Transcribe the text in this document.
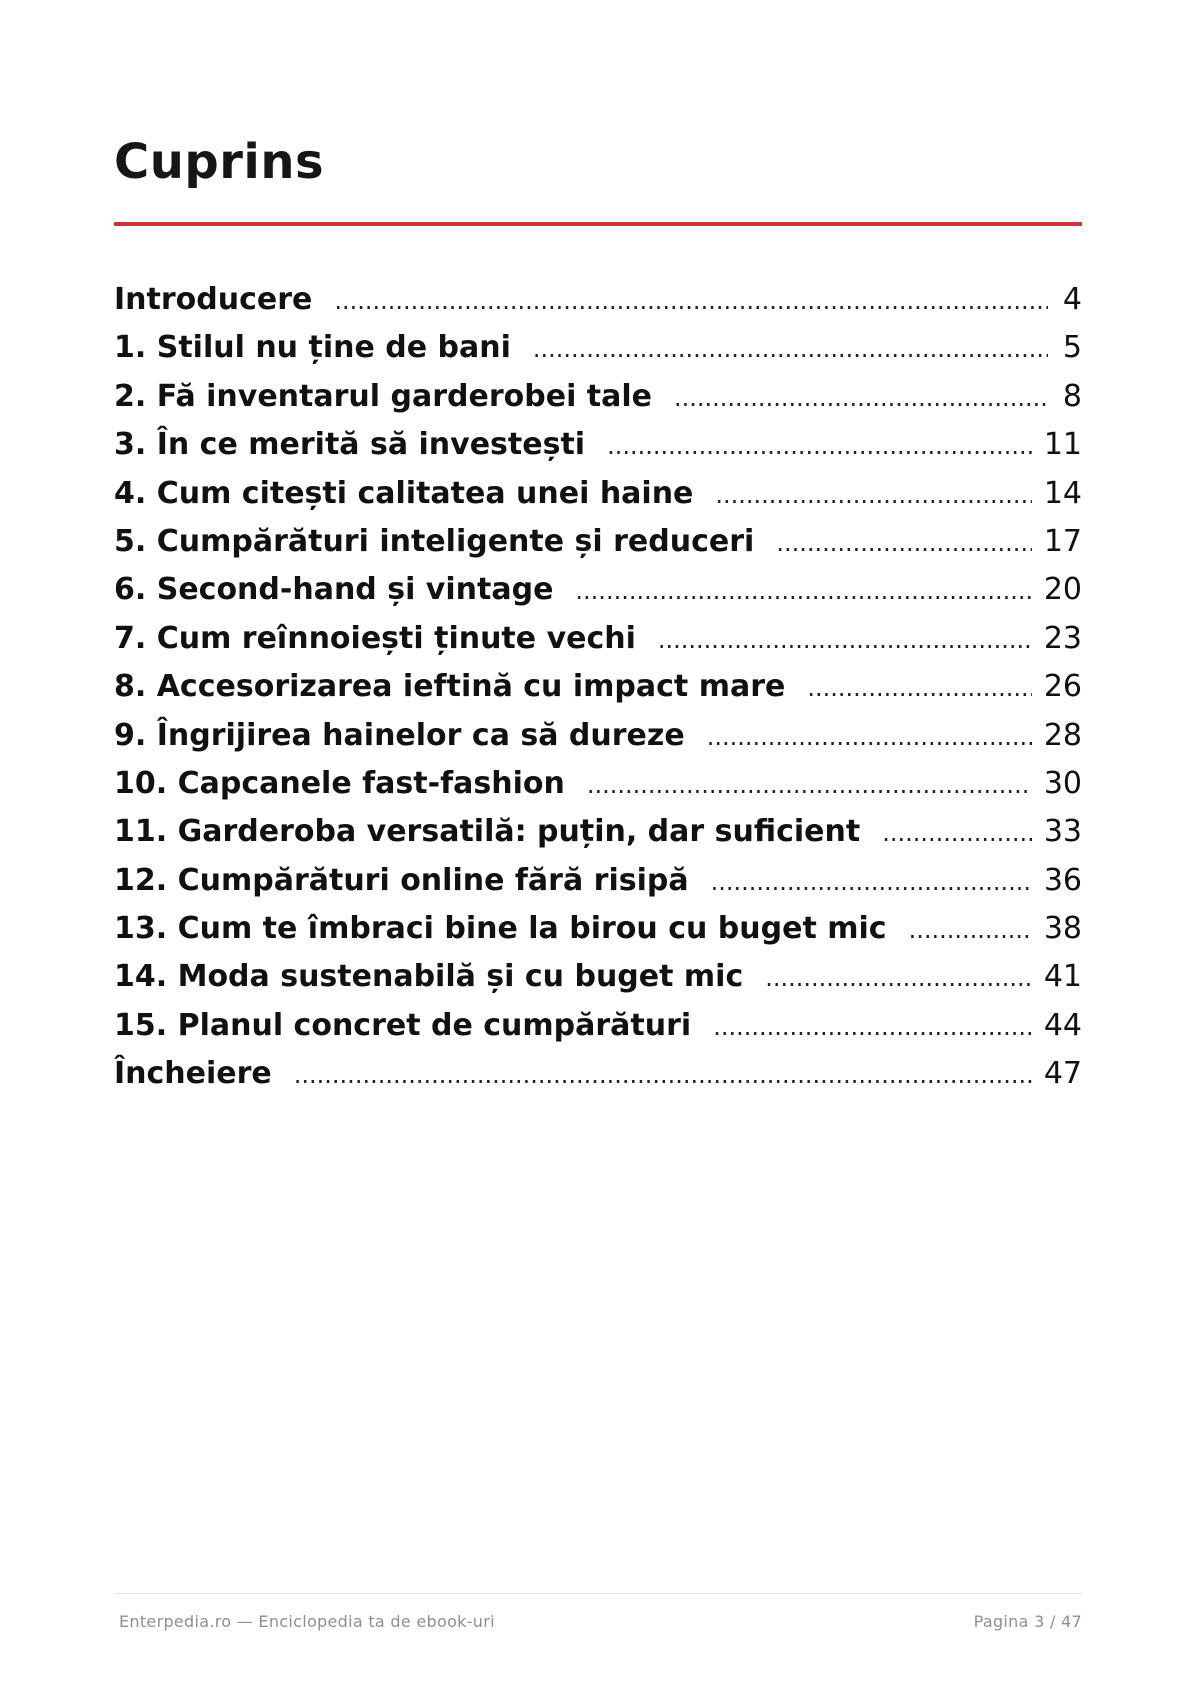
Cuprins
Introducere .....	4
1. Stilul nu ține de bani .....	5
2. Fă inventarul garderobei tale .....	8
3. În ce merită să investești .....	11
4. Cum citești calitatea unei haine .....	14
5. Cumpărături inteligente și reduceri .....	17
6. Second-hand și vintage .....	20
7. Cum reînnoiești ținute vechi .....	23
8. Accesorizarea ieftină cu impact mare .....	26
9. Îngrijirea hainelor ca să dureze .....	28
10. Capcanele fast-fashion .....	30
11. Garderoba versatilă: puțin, dar suficient .....	33
12. Cumpărături online fără risipă .....	36
13. Cum te îmbraci bine la birou cu buget mic .....	38
14. Moda sustenabilă și cu buget mic .....	41
15. Planul concret de cumpărături .....	44
Încheiere .....	47
Enterpedia.ro — Enciclopedia ta de ebook-uri	Pagina 3 / 47
